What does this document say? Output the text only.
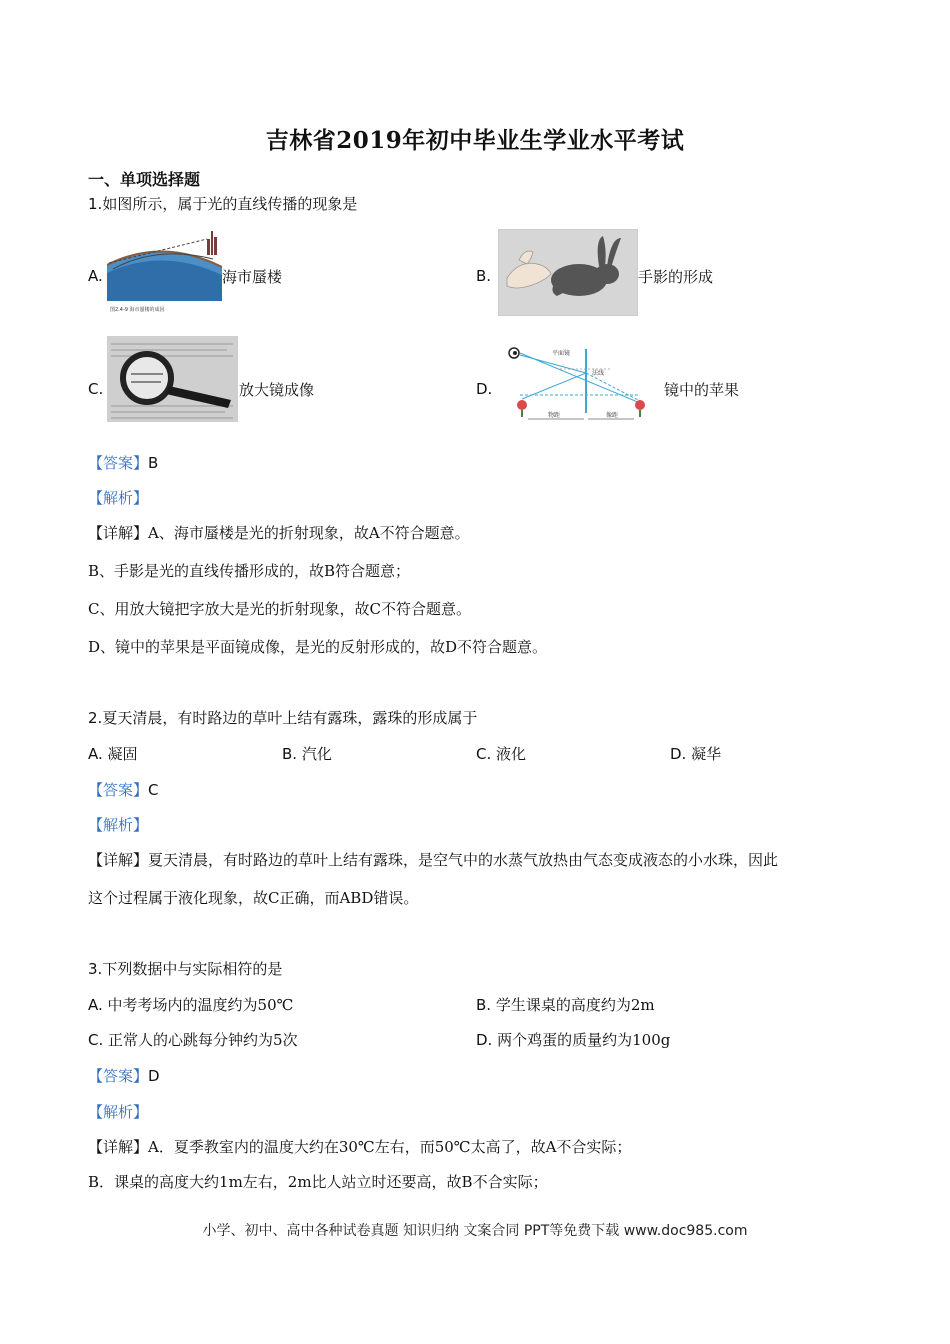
吉林省2019年初中毕业生学业水平考试
一、单项选择题
1.如图所示，属于光的直线传播的现象是
A.
图2.4-9 海市蜃楼的成因
海市蜃楼	B.	手影的形成
C.	放大镜成像	D.
平面镜
法线
物距	像距
镜中的苹果
【答案】B
【解析】
【详解】A、海市蜃楼是光的折射现象，故A不符合题意。
B、手影是光的直线传播形成的，故B符合题意；
C、用放大镜把字放大是光的折射现象，故C不符合题意。
D、镜中的苹果是平面镜成像，是光的反射形成的，故D不符合题意。
2.夏天清晨，有时路边的草叶上结有露珠，露珠的形成属于
A. 凝固	B. 汽化	C. 液化	D. 凝华
【答案】C
【解析】
【详解】夏天清晨，有时路边的草叶上结有露珠，是空气中的水蒸气放热由气态变成液态的小水珠，因此
这个过程属于液化现象，故C正确，而ABD错误。
3.下列数据中与实际相符的是
A. 中考考场内的温度约为50℃	B. 学生课桌的高度约为2m
C. 正常人的心跳每分钟约为5次	D. 两个鸡蛋的质量约为100g
【答案】D
【解析】
【详解】A．夏季教室内的温度大约在30℃左右，而50℃太高了，故A不合实际；
B．课桌的高度大约1m左右，2m比人站立时还要高，故B不合实际；
小学、初中、高中各种试卷真题 知识归纳 文案合同 PPT等免费下载 www.doc985.com
